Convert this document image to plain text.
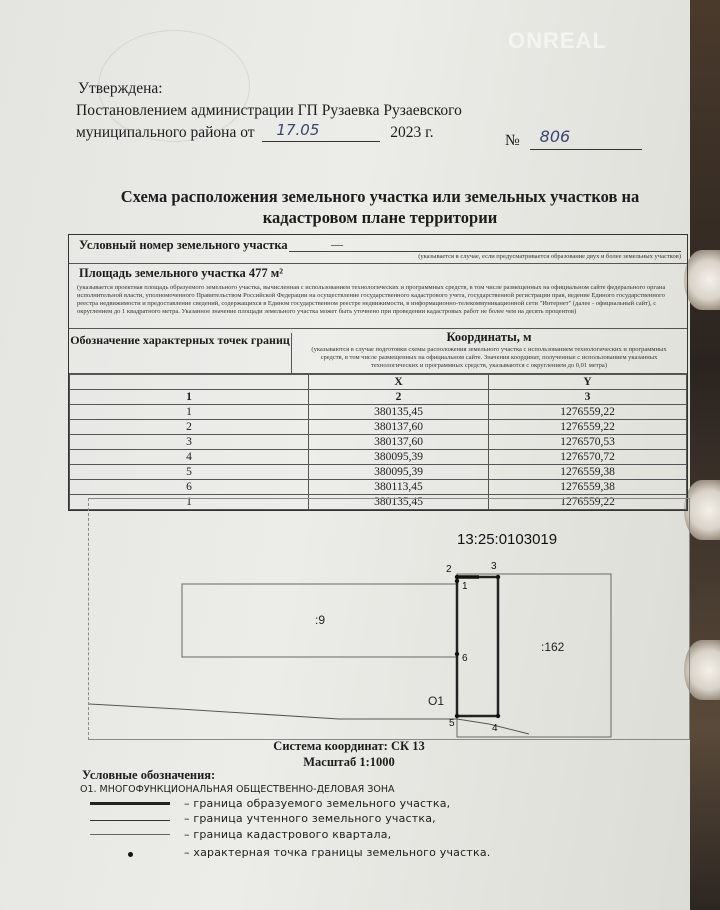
ONREAL
Утверждена:
Постановлением администрации ГП Рузаевка Рузаевского
муниципального района от 17.05	2023 г.	№ 806
Схема расположения земельного участка или земельных участков на
кадастровом плане территории
Условный номер земельного участка	—
(указывается в случае, если предусматривается образование двух и более земельных участков)
Площадь земельного участка 477 м²
(указывается проектная площадь образуемого земельного участка, вычисленная с использованием технологических и программных средств, в том числе размещенных на официальном сайте федерального органа исполнительной власти, уполномоченного Правительством Российской Федерации на осуществление государственного кадастрового учета, государственной регистрации прав, ведение Единого государственного реестра недвижимости и предоставление сведений, содержащихся в Едином государственном реестре недвижимости, в информационно-телекоммуникационной сети "Интернет" (далее - официальный сайт), с округлением до 1 квадратного метра. Указанное значение площади земельного участка может быть уточнено при проведении кадастровых работ не более чем на десять процентов)
Обозначение характерных точек границ	Координаты, м
(указываются в случае подготовки схемы расположения земельного участка с использованием технологических и программных средств, в том числе размещенных на официальном сайте. Значения координат, полученные с использованием указанных технологических и программных средств, указываются с округлением до 0,01 метра)
	X	Y
1	2	3
1	380135,45	1276559,22
2	380137,60	1276559,22
3	380137,60	1276570,53
4	380095,39	1276570,72
5	380095,39	1276559,38
6	380113,45	1276559,38
1	380135,45	1276559,22
1
2	3
4
5
6
13:25:0103019
:9
:162
О1
Система координат: СК 13
Масштаб 1:1000
Условные обозначения:
О1. МНОГОФУНКЦИОНАЛЬНАЯ ОБЩЕСТВЕННО-ДЕЛОВАЯ ЗОНА
– граница образуемого земельного участка,
– граница учтенного земельного участка,
– граница кадастрового квартала,
– характерная точка границы земельного участка.
